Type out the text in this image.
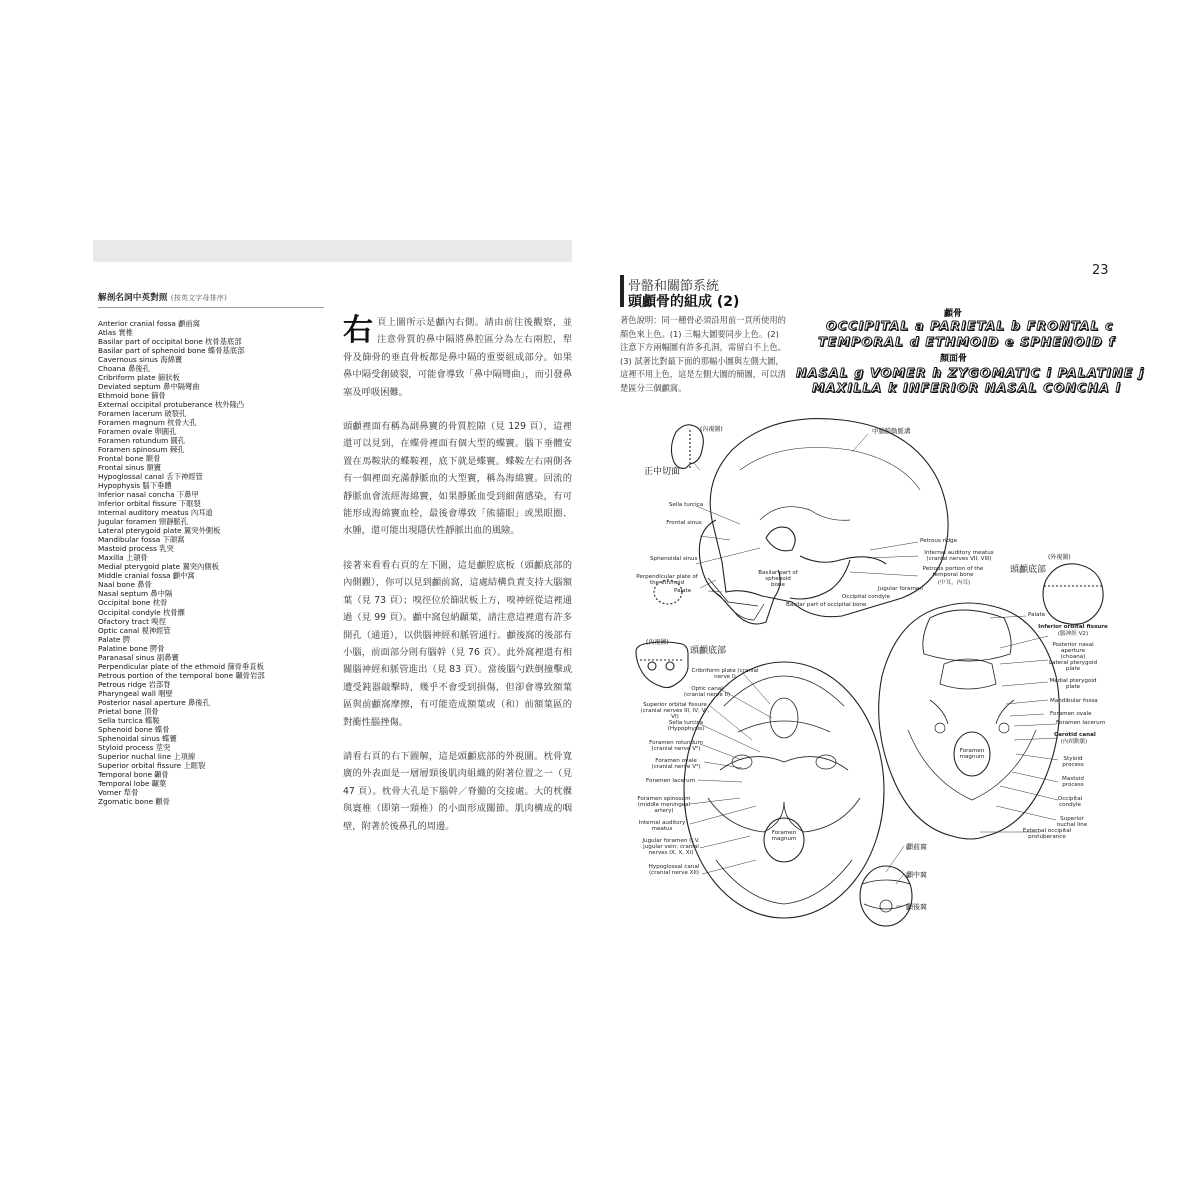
解剖名詞中英對照 (按英文字母排序)
Anterior cranial fossa 顱前窩
Atlas 寰椎
Basilar part of occipital bone 枕骨基底部
Basilar part of sphenoid bone 蝶骨基底部
Cavernous sinus 海綿竇
Choana 鼻後孔
Cribriform plate 篩狀板
Deviated septum 鼻中隔彎曲
Ethmoid bone 篩骨
External occipital protuberance 枕外隆凸
Foramen lacerum 破裂孔
Foramen magnum 枕骨大孔
Foramen ovale 卵圓孔
Foramen rotundum 圓孔
Foramen spinosum 棘孔
Frontal bone 額骨
Frontal sinus 額竇
Hypoglossal canal 舌下神經管
Hypophysis 腦下垂體
Inferior nasal concha 下鼻甲
Inferior orbital fissure 下眶裂
Internal auditory meatus 內耳道
Jugular foramen 頸靜脈孔
Lateral pterygoid plate 翼突外側板
Mandibular fossa 下頜窩
Mastoid process 乳突
Maxilla 上頜骨
Medial pterygoid plate 翼突內側板
Middle cranial fossa 顱中窩
Naal bone 鼻骨
Nasal septum 鼻中隔
Occipital bone 枕骨
Occipital condyle 枕骨髁
Ofactory tract 嗅徑
Optic canal 視神經管
Palate 腭
Palatine bone 腭骨
Paranasal sinus 副鼻竇
Perpendicular plate of the ethmoid 篩骨垂直板
Petrous portion of the temporal bone 顳骨岩部
Petrous ridge 岩部脊
Pharyngeal wall 咽壁
Posterior nasal aperture 鼻後孔
Prietal bone 頂骨
Sella turcica 蝶鞍
Sphenoid bone 蝶骨
Sphenoidal sinus 蝶竇
Styloid process 莖突
Superior nuchal line 上項線
Superior orbital fissure 上眶裂
Temporal bone 顳骨
Temporal lobe 顳葉
Vomer 犁骨
Zgomatic bone 顴骨

右頁上圖所示是顱內右側。請由前往後觀察，並注意骨質的鼻中隔將鼻腔區分為左右兩腔，犁骨及篩骨的垂直骨板都是鼻中隔的重要組成部分。如果鼻中隔受創破裂，可能會導致「鼻中隔彎曲」，而引發鼻塞及呼吸困難。

頭顱裡面有稱為副鼻竇的骨質腔隙（見 129 頁），這裡還可以見到，在蝶骨裡面有個大型的蝶竇。腦下垂體安置在馬鞍狀的蝶鞍裡，底下就是蝶竇。蝶鞍左右兩側各有一個裡面充滿靜脈血的大型竇，稱為海綿竇。回流的靜脈血會流經海綿竇，如果靜脈血受到細菌感染，有可能形成海綿竇血栓，最後會導致「熊貓眼」或黑眼圈、水腫，還可能出現隱伏性靜脈出血的風險。

接著來看看右頁的左下圖，這是顱腔底板（頭顱底部的內側觀），你可以見到顱前窩，這處結構負責支持大腦額葉（見 73 頁）；嗅徑位於篩狀板上方，嗅神經從這裡通過（見 99 頁）。顱中窩包納顳葉，請注意這裡還有許多開孔（通道），以供腦神經和脈管通行。顱後窩的後部有小腦，前面部分則有腦幹（見 76 頁）。此外窩裡還有相關腦神經和脈管進出（見 83 頁）。當後腦勺跌倒撞擊或遭受鈍器敲擊時，幾乎不會受到損傷，但卻會導致額葉區與前顱窩摩擦，有可能造成額葉或（和）前額葉區的對衝性腦挫傷。

請看右頁的右下圖解，這是頭顱底部的外視圖。枕骨寬廣的外表面是一層層頸後肌肉組織的附著位置之一（見 47 頁）。枕骨大孔是下腦幹／脊髓的交接處。大的枕髁與寰椎（即第一頸椎）的小面形成關節。肌肉構成的咽壁，附著於後鼻孔的周邊。

23
骨骼和關節系統
頭顱骨的組成 (2)
著色說明：同一種骨必須沿用前一頁所使用的顏色來上色。(1) 三幅大圖要同步上色。(2) 注意下方兩幅圖有許多孔洞，需留白不上色。(3) 試著比對最下面的那幅小圖與左側大圖，這裡不用上色，這是左側大圖的簡圖，可以清楚區分三個顱窩。
顱骨
OCCIPITAL a PARIETAL b FRONTAL c
TEMPORAL d ETHMOID e SPHENOID f
顏面骨
NASAL g VOMER h ZYGOMATIC i PALATINE j
MAXILLA k INFERIOR NASAL CONCHA l
(內視圖)
正中切面
中腦膜動脈溝
Sella turcica
Frontal sinus
Sphenoidal sinus
Perpendicular plate of the ethmoid
Palate
Basilar part of sphenoid bone
Petrous ridge
Internal auditory meatus (cranial nerves VII, VIII)
Petrous portion of the temporal bone
(中耳，內耳)
Jugular foramen
Occipital condyle
Basilar part of occipital bone
(內視圖)
頭顱底部
Cribriform plate (cranial nerve I)
Optic canal (cranial nerve II)
Superior orbital fissure (cranial nerves III, IV, V¹, VI)
Sella turcica (Hypophysis)
Foramen rotundum (cranial nerve V²)
Foramen ovale (cranial nerve V³)
Foramen lacerum
Foramen spinosum (middle meningeal artery)
Internal auditory meatus
Jugular foramen (I.V. jugular vein; cranial nerves IX, X, XI)
Hypoglossal canal (cranial nerve XII)
Foramen magnum
(外視圖)
頭顱底部
Palate
Inferior orbital fissure
(腦神經 V2)
Posterior nasal aperture (choana)
Lateral pterygoid plate
Medial pterygoid plate
Mandibular fossa
Foramen ovale
Foramen lacerum
Carotid canal
(內頸動脈)
Styloid process
Mastoid process
Occipital condyle
Superior nuchal line
External occipital protuberance
Foramen magnum
顱前窩
顱中窩
顱後窩
